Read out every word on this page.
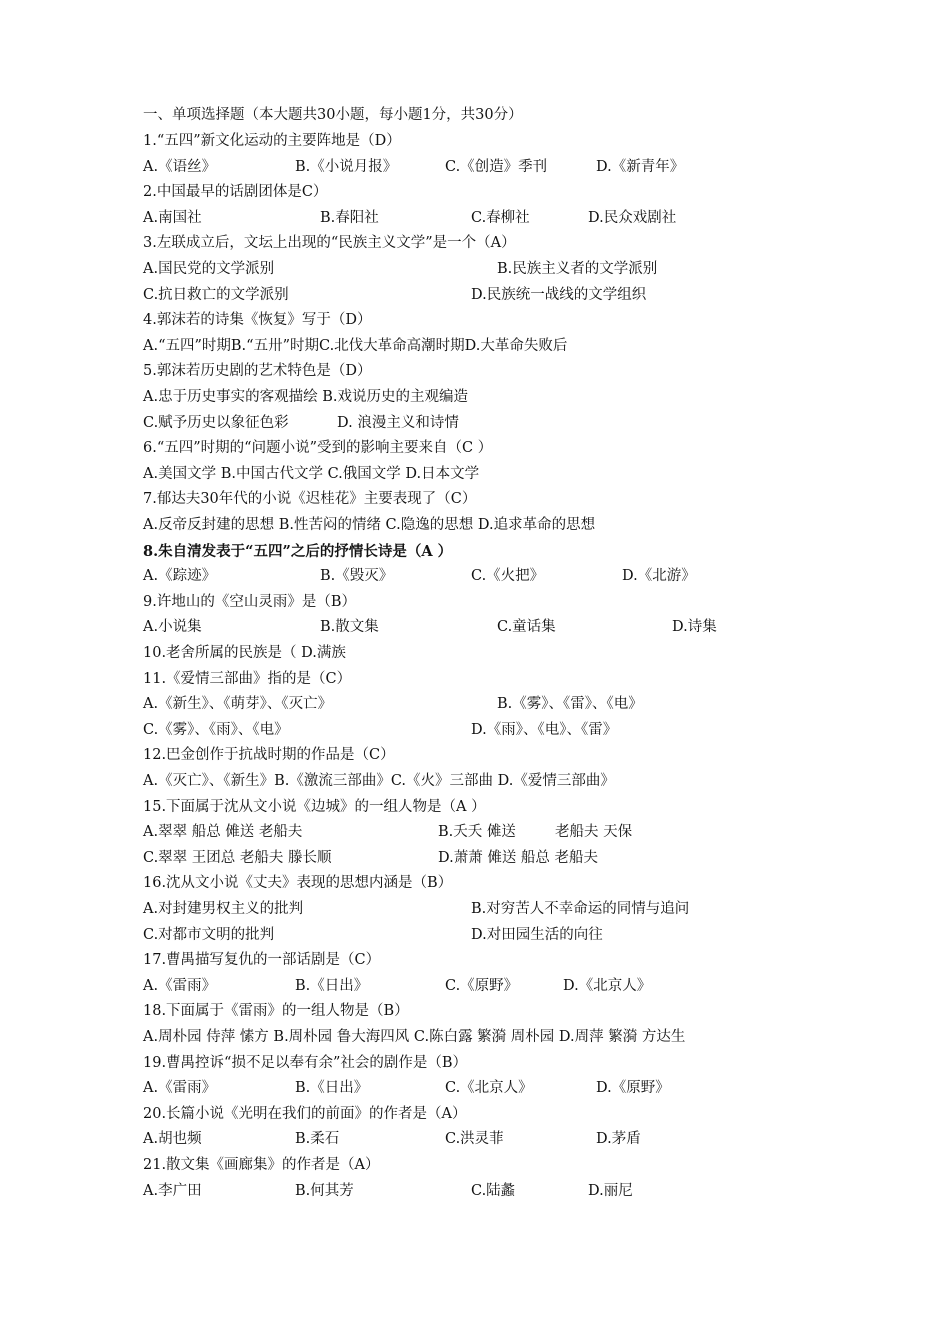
一、单项选择题（本大题共30小题，每小题1分，共30分）
1.“五四”新文化运动的主要阵地是（D）
A.《语丝》	B.《小说月报》	C.《创造》季刊	D.《新青年》
2.中国最早的话剧团体是C）
A.南国社	B.春阳社	C.春柳社	D.民众戏剧社
3.左联成立后，文坛上出现的“民族主义文学”是一个（A）
A.国民党的文学派别	B.民族主义者的文学派别
C.抗日救亡的文学派别	D.民族统一战线的文学组织
4.郭沫若的诗集《恢复》写于（D）
A.“五四”时期B.“五卅”时期C.北伐大革命高潮时期D.大革命失败后
5.郭沫若历史剧的艺术特色是（D）
A.忠于历史事实的客观描绘 B.戏说历史的主观编造
C.赋予历史以象征色彩	D. 浪漫主义和诗情
6.“五四”时期的“问题小说”受到的影响主要来自（C ）
A.美国文学 B.中国古代文学 C.俄国文学 D.日本文学
7.郁达夫30年代的小说《迟桂花》主要表现了（C）
A.反帝反封建的思想 B.性苦闷的情绪 C.隐逸的思想 D.追求革命的思想
8.朱自清发表于“五四”之后的抒情长诗是（A ）
A.《踪迹》	B.《毁灭》	C.《火把》	D.《北游》
9.许地山的《空山灵雨》是（B）
A.小说集	B.散文集	C.童话集	D.诗集
10.老舍所属的民族是（ D.满族
11.《爱情三部曲》指的是（C）
A.《新生》、《萌芽》、《灭亡》	B.《雾》、《雷》、《电》
C.《雾》、《雨》、《电》	D.《雨》、《电》、《雷》
12.巴金创作于抗战时期的作品是（C）
A.《灭亡》、《新生》B.《激流三部曲》C.《火》三部曲 D.《爱情三部曲》
15.下面属于沈从文小说《边城》的一组人物是（A ）
A.翠翠 船总 傩送 老船夫	B.夭夭 傩送	老船夫 天保
C.翠翠 王团总 老船夫 滕长顺	D.萧萧 傩送 船总 老船夫
16.沈从文小说《丈夫》表现的思想内涵是（B）
A.对封建男权主义的批判	B.对穷苦人不幸命运的同情与追问
C.对都市文明的批判	D.对田园生活的向往
17.曹禺描写复仇的一部话剧是（C）
A.《雷雨》	B.《日出》	C.《原野》	D.《北京人》
18.下面属于《雷雨》的一组人物是（B）
A.周朴园 侍萍 愫方 B.周朴园 鲁大海四风 C.陈白露 繁漪 周朴园 D.周萍 繁漪 方达生
19.曹禺控诉“损不足以奉有余”社会的剧作是（B）
A.《雷雨》	B.《日出》	C.《北京人》	D.《原野》
20.长篇小说《光明在我们的前面》的作者是（A）
A.胡也频	B.柔石	C.洪灵菲	D.茅盾
21.散文集《画廊集》的作者是（A）
A.李广田	B.何其芳	C.陆蠡	D.丽尼
